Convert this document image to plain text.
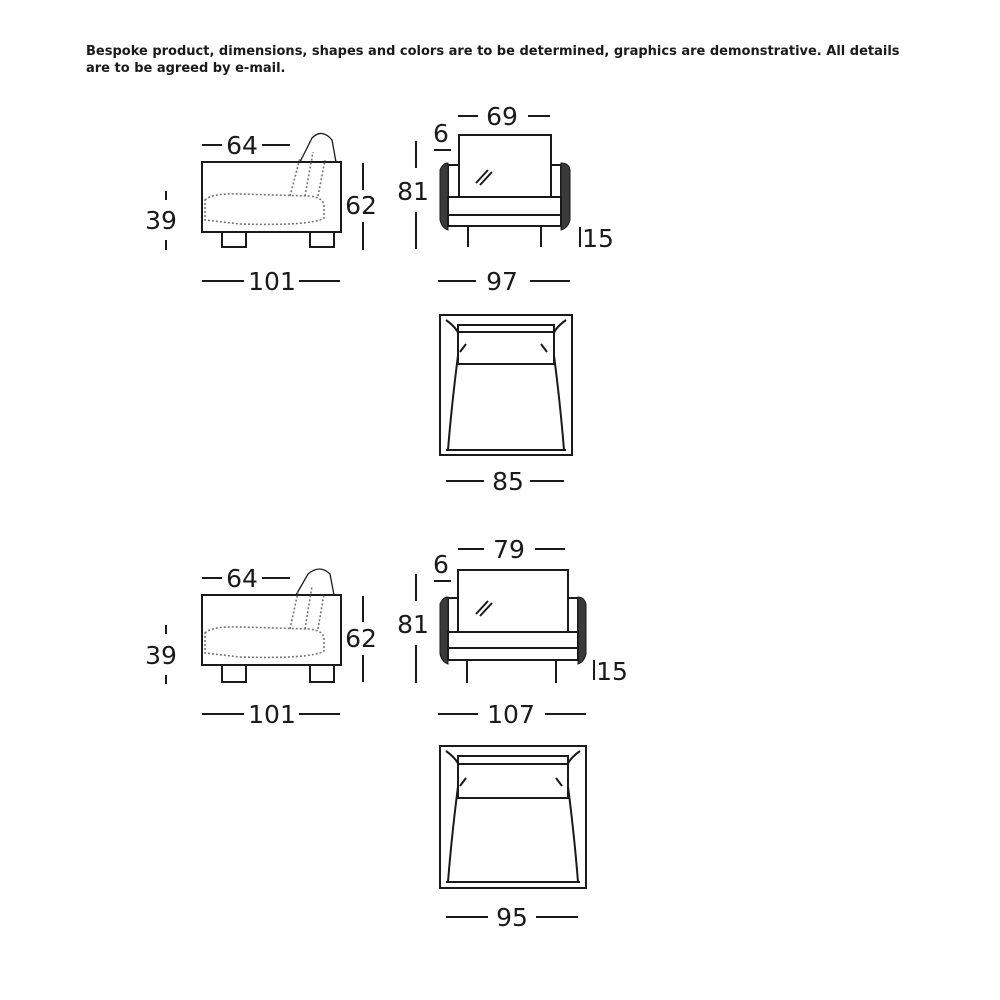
Bespoke product, dimensions, shapes and colors are to be determined, graphics are demonstrative. All details are to be agreed by e-mail.
64
39
62
101
69
6
81
15
97
85
64
39
62
101
79
6
81
15
107
95
